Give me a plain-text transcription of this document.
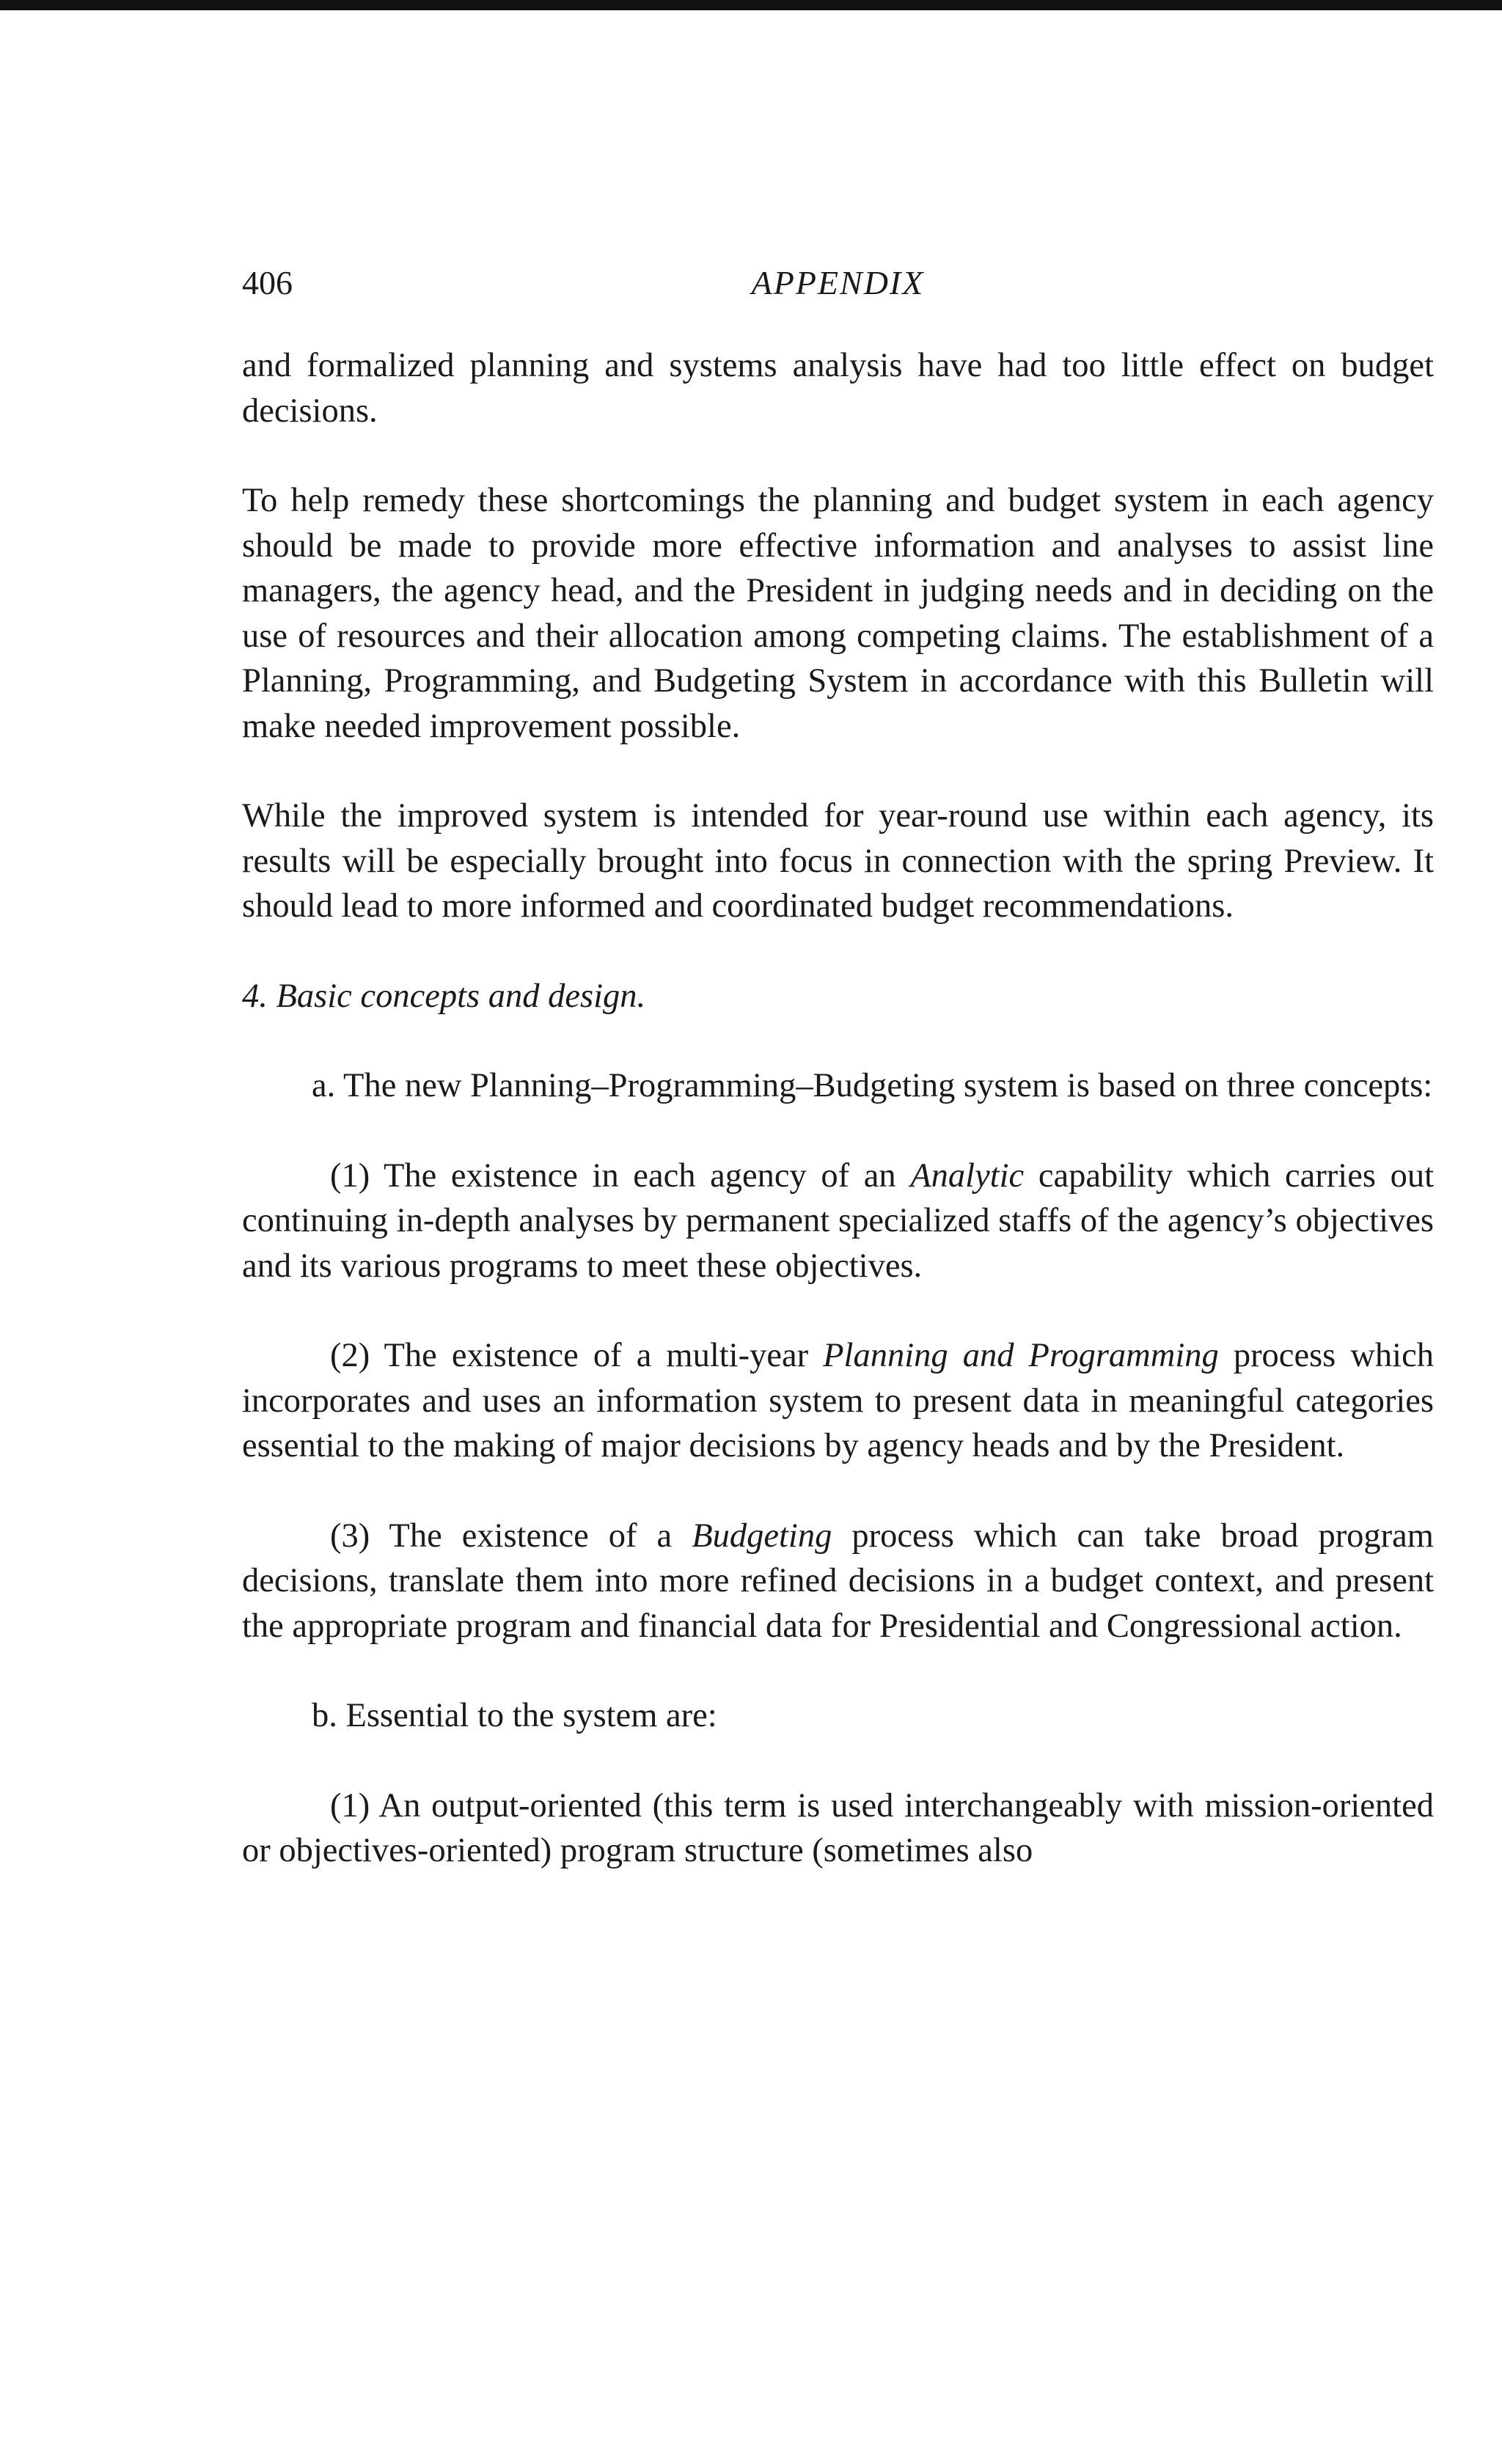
406	APPENDIX

and formalized planning and systems analysis have had too little effect on budget decisions.

To help remedy these shortcomings the planning and budget system in each agency should be made to provide more effective information and analyses to assist line managers, the agency head, and the President in judging needs and in deciding on the use of resources and their allocation among competing claims. The establishment of a Planning, Programming, and Budgeting System in accordance with this Bulletin will make needed improvement possible.

While the improved system is intended for year-round use within each agency, its results will be especially brought into focus in connection with the spring Preview. It should lead to more informed and coordinated budget recommendations.

4. Basic concepts and design.

a. The new Planning–Programming–Budgeting system is based on three concepts:

(1) The existence in each agency of an Analytic capability which carries out continuing in-depth analyses by permanent specialized staffs of the agency’s objectives and its various programs to meet these objectives.

(2) The existence of a multi-year Planning and Programming process which incorporates and uses an information system to present data in meaningful categories essential to the making of major decisions by agency heads and by the President.

(3) The existence of a Budgeting process which can take broad program decisions, translate them into more refined decisions in a budget context, and present the appropriate program and financial data for Presidential and Congressional action.

b. Essential to the system are:

(1) An output-oriented (this term is used interchangeably with mission-oriented or objectives-oriented) program structure (sometimes also
